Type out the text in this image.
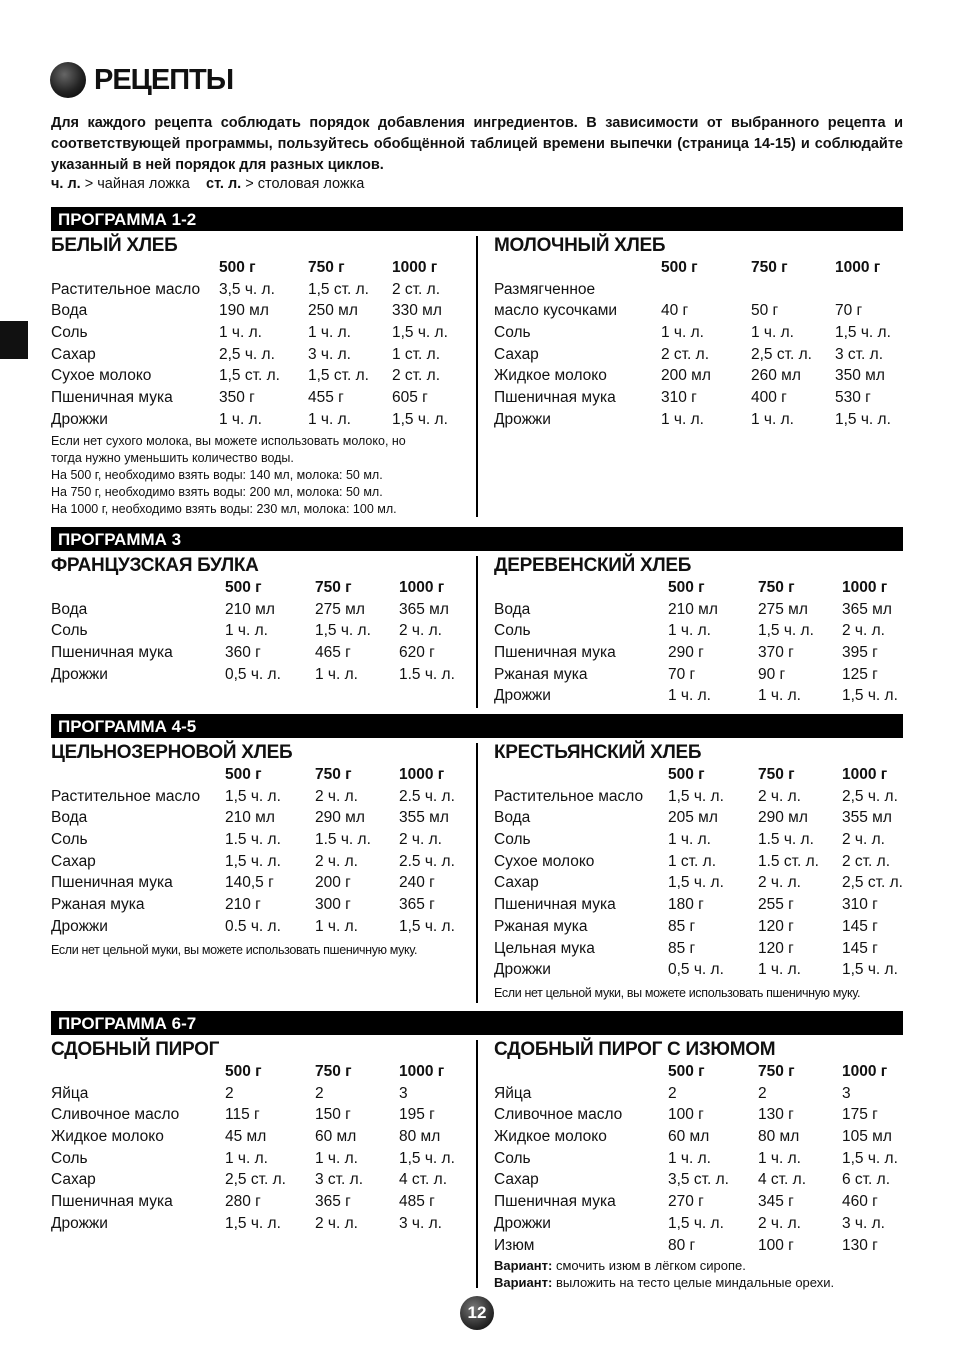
РЕЦЕПТЫ
Для каждого рецепта соблюдать порядок добавления ингредиентов. В зависимости от выбранного рецепта и соответствующей программы, пользуйтесь обобщённой таблицей времени выпечки (страница 14-15) и соблюдайте указанный в ней порядок для разных циклов.
ч. л. > чайная ложка ст. л. > столовая ложка
ПРОГРАММА 1-2
ПРОГРАММА 3
ПРОГРАММА 4-5
ПРОГРАММА 6-7
БЕЛЫЙ ХЛЕБ
500 г	750 г	1000 г
Растительное масло	3,5 ч. л.	1,5 ст. л.	2 ст. л.
Вода	190 мл	250 мл	330 мл
Соль	1 ч. л.	1 ч. л.	1,5 ч. л.
Сахар	2,5 ч. л.	3 ч. л.	1 ст. л.
Сухое молоко	1,5 ст. л.	1,5 ст. л.	2 ст. л.
Пшеничная мука	350 г	455 г	605 г
Дрожжи	1 ч. л.	1 ч. л.	1,5 ч. л.
Если нет сухого молока, вы можете использовать молоко, но
тогда нужно уменьшить количество воды.
На 500 г, необходимо взять воды: 140 мл, молока: 50 мл.
На 750 г, необходимо взять воды: 200 мл, молока: 50 мл.
На 1000 г, необходимо взять воды: 230 мл, молока: 100 мл.
МОЛОЧНЫЙ ХЛЕБ
500 г	750 г	1000 г
Размягченное
масло кусочками	40 г	50 г	70 г
Соль	1 ч. л.	1 ч. л.	1,5 ч. л.
Сахар	2 ст. л.	2,5 ст. л.	3 ст. л.
Жидкое молоко	200 мл	260 мл	350 мл
Пшеничная мука	310 г	400 г	530 г
Дрожжи	1 ч. л.	1 ч. л.	1,5 ч. л.
ФРАНЦУЗСКАЯ БУЛКА
500 г	750 г	1000 г
Вода	210 мл	275 мл	365 мл
Соль	1 ч. л.	1,5 ч. л.	2 ч. л.
Пшеничная мука	360 г	465 г	620 г
Дрожжи	0,5 ч. л.	1 ч. л.	1.5 ч. л.
ДЕРЕВЕНСКИЙ ХЛЕБ
500 г	750 г	1000 г
Вода	210 мл	275 мл	365 мл
Соль	1 ч. л.	1,5 ч. л.	2 ч. л.
Пшеничная мука	290 г	370 г	395 г
Ржаная мука	70 г	90 г	125 г
Дрожжи	1 ч. л.	1 ч. л.	1,5 ч. л.
ЦЕЛЬНОЗЕРНОВОЙ ХЛЕБ
500 г	750 г	1000 г
Растительное масло	1,5 ч. л.	2 ч. л.	2.5 ч. л.
Вода	210 мл	290 мл	355 мл
Соль	1.5 ч. л.	1.5 ч. л.	2 ч. л.
Сахар	1,5 ч. л.	2 ч. л.	2.5 ч. л.
Пшеничная мука	140,5 г	200 г	240 г
Ржаная мука	210 г	300 г	365 г
Дрожжи	0.5 ч. л.	1 ч. л.	1,5 ч. л.
Если нет цельной муки, вы можете использовать пшеничную муку.
КРЕСТЬЯНСКИЙ ХЛЕБ
500 г	750 г	1000 г
Растительное масло	1,5 ч. л.	2 ч. л.	2,5 ч. л.
Вода	205 мл	290 мл	355 мл
Соль	1 ч. л.	1.5 ч. л.	2 ч. л.
Сухое молоко	1 ст. л.	1.5 ст. л.	2 ст. л.
Сахар	1,5 ч. л.	2 ч. л.	2,5 ст. л.
Пшеничная мука	180 г	255 г	310 г
Ржаная мука	85 г	120 г	145 г
Цельная мука	85 г	120 г	145 г
Дрожжи	0,5 ч. л.	1 ч. л.	1,5 ч. л.
Если нет цельной муки, вы можете использовать пшеничную муку.
СДОБНЫЙ ПИРОГ
500 г	750 г	1000 г
Яйца	2	2	3
Сливочное масло	115 г	150 г	195 г
Жидкое молоко	45 мл	60 мл	80 мл
Соль	1 ч. л.	1 ч. л.	1,5 ч. л.
Сахар	2,5 ст. л.	3 ст. л.	4 ст. л.
Пшеничная мука	280 г	365 г	485 г
Дрожжи	1,5 ч. л.	2 ч. л.	3 ч. л.
СДОБНЫЙ ПИРОГ С ИЗЮМОМ
500 г	750 г	1000 г
Яйца	2	2	3
Сливочное масло	100 г	130 г	175 г
Жидкое молоко	60 мл	80 мл	105 мл
Соль	1 ч. л.	1 ч. л.	1,5 ч. л.
Сахар	3,5 ст. л.	4 ст. л.	6 ст. л.
Пшеничная мука	270 г	345 г	460 г
Дрожжи	1,5 ч. л.	2 ч. л.	3 ч. л.
Изюм	80 г	100 г	130 г
Вариант: смочить изюм в лёгком сиропе.
Вариант: выложить на тесто целые миндальные орехи.
12
